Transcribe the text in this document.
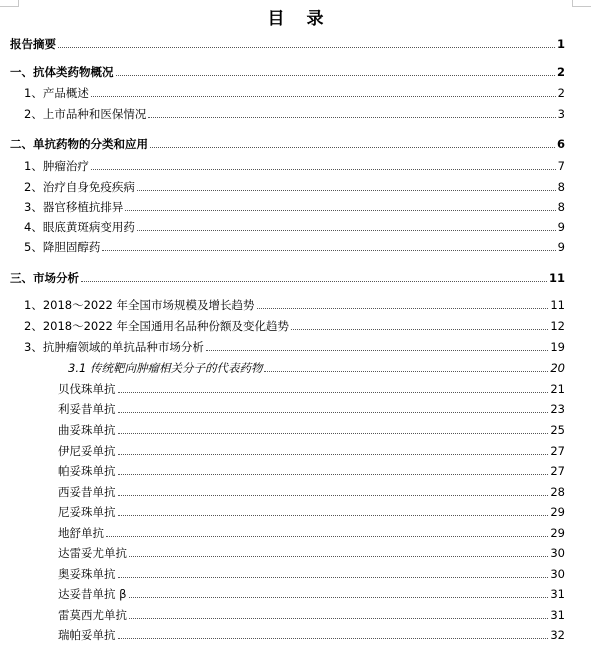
目 录
报告摘要	1
一、抗体类药物概况	2
1、产品概述	2
2、上市品种和医保情况	3
二、单抗药物的分类和应用	6
1、肿瘤治疗	7
2、治疗自身免疫疾病	8
3、器官移植抗排异	8
4、眼底黄斑病变用药	9
5、降胆固醇药	9
三、市场分析	11
1、2018～2022 年全国市场规模及增长趋势	11
2、2018～2022 年全国通用名品种份额及变化趋势	12
3、抗肿瘤领域的单抗品种市场分析	19
3.1 传统靶向肿瘤相关分子的代表药物	20
贝伐珠单抗	21
利妥昔单抗	23
曲妥珠单抗	25
伊尼妥单抗	27
帕妥珠单抗	27
西妥昔单抗	28
尼妥珠单抗	29
地舒单抗	29
达雷妥尤单抗	30
奥妥珠单抗	30
达妥昔单抗 β	31
雷莫西尤单抗	31
瑞帕妥单抗	32
